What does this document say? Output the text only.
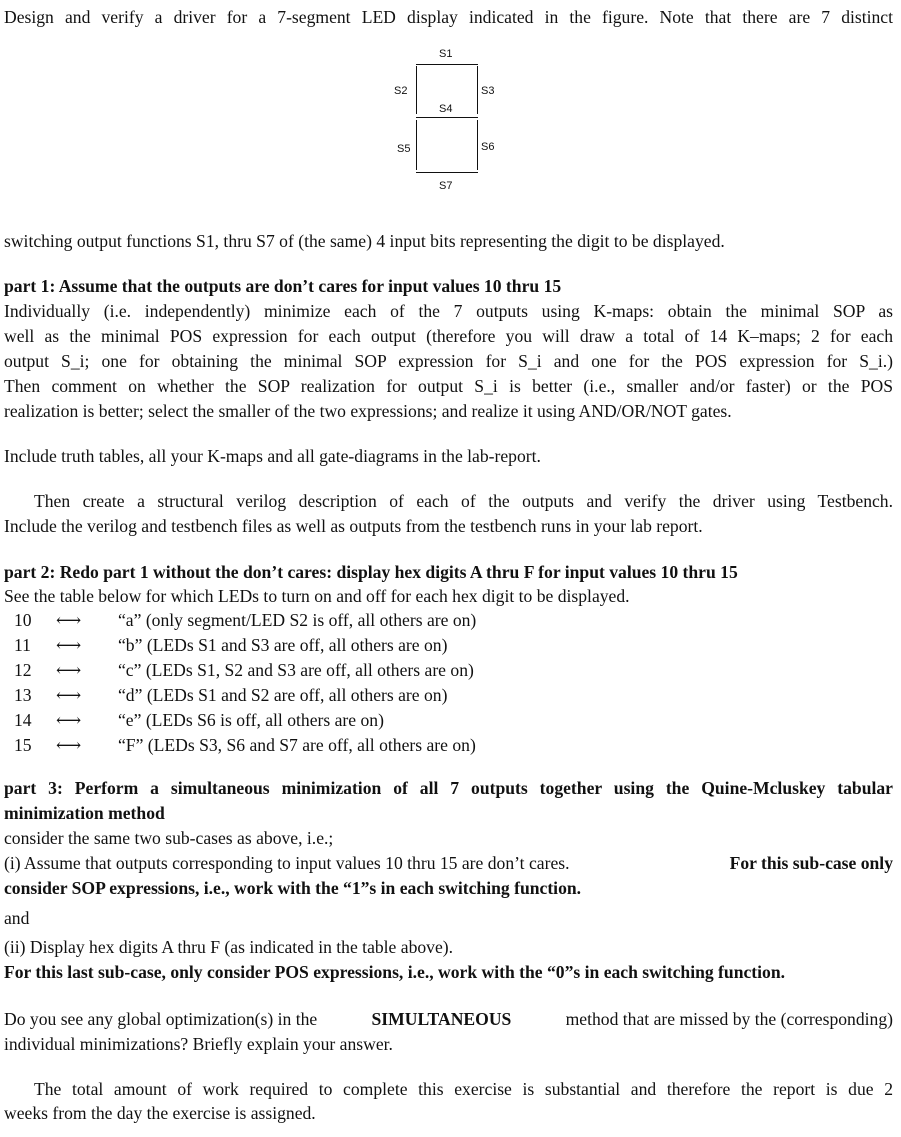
Design and verify a driver for a 7-segment LED display indicated in the figure. Note that there are 7 distinct
S1
S2	S3
S4
S5	S6
S7
switching output functions S1, thru S7 of (the same) 4 input bits representing the digit to be displayed.
part 1: Assume that the outputs are don’t cares for input values 10 thru 15
Individually (i.e. independently) minimize each of the 7 outputs using K-maps: obtain the minimal SOP as
well as the minimal POS expression for each output (therefore you will draw a total of 14 K–maps; 2 for each
output S_i; one for obtaining the minimal SOP expression for S_i and one for the POS expression for S_i.)
Then comment on whether the SOP realization for output S_i is better (i.e., smaller and/or faster) or the POS
realization is better; select the smaller of the two expressions; and realize it using AND/OR/NOT gates.
Include truth tables, all your K-maps and all gate-diagrams in the lab-report.
Then create a structural verilog description of each of the outputs and verify the driver using Testbench.
Include the verilog and testbench files as well as outputs from the testbench runs in your lab report.
part 2: Redo part 1 without the don’t cares: display hex digits A thru F for input values 10 thru 15
See the table below for which LEDs to turn on and off for each hex digit to be displayed.
10 ⟷ “a” (only segment/LED S2 is off, all others are on)
11 ⟷ “b” (LEDs S1 and S3 are off, all others are on)
12 ⟷ “c” (LEDs S1, S2 and S3 are off, all others are on)
13 ⟷ “d” (LEDs S1 and S2 are off, all others are on)
14 ⟷ “e” (LEDs S6 is off, all others are on)
15 ⟷ “F” (LEDs S3, S6 and S7 are off, all others are on)
part 3: Perform a simultaneous minimization of all 7 outputs together using the Quine-Mcluskey tabular
minimization method
consider the same two sub-cases as above, i.e.;
(i) Assume that outputs corresponding to input values 10 thru 15 are don’t cares.	For this sub-case only
consider SOP expressions, i.e., work with the “1”s in each switching function.
and
(ii) Display hex digits A thru F (as indicated in the table above).
For this last sub-case, only consider POS expressions, i.e., work with the “0”s in each switching function.
Do you see any global optimization(s) in the	SIMULTANEOUS	method that are missed by the (corresponding)
individual minimizations? Briefly explain your answer.
The total amount of work required to complete this exercise is substantial and therefore the report is due 2
weeks from the day the exercise is assigned.
